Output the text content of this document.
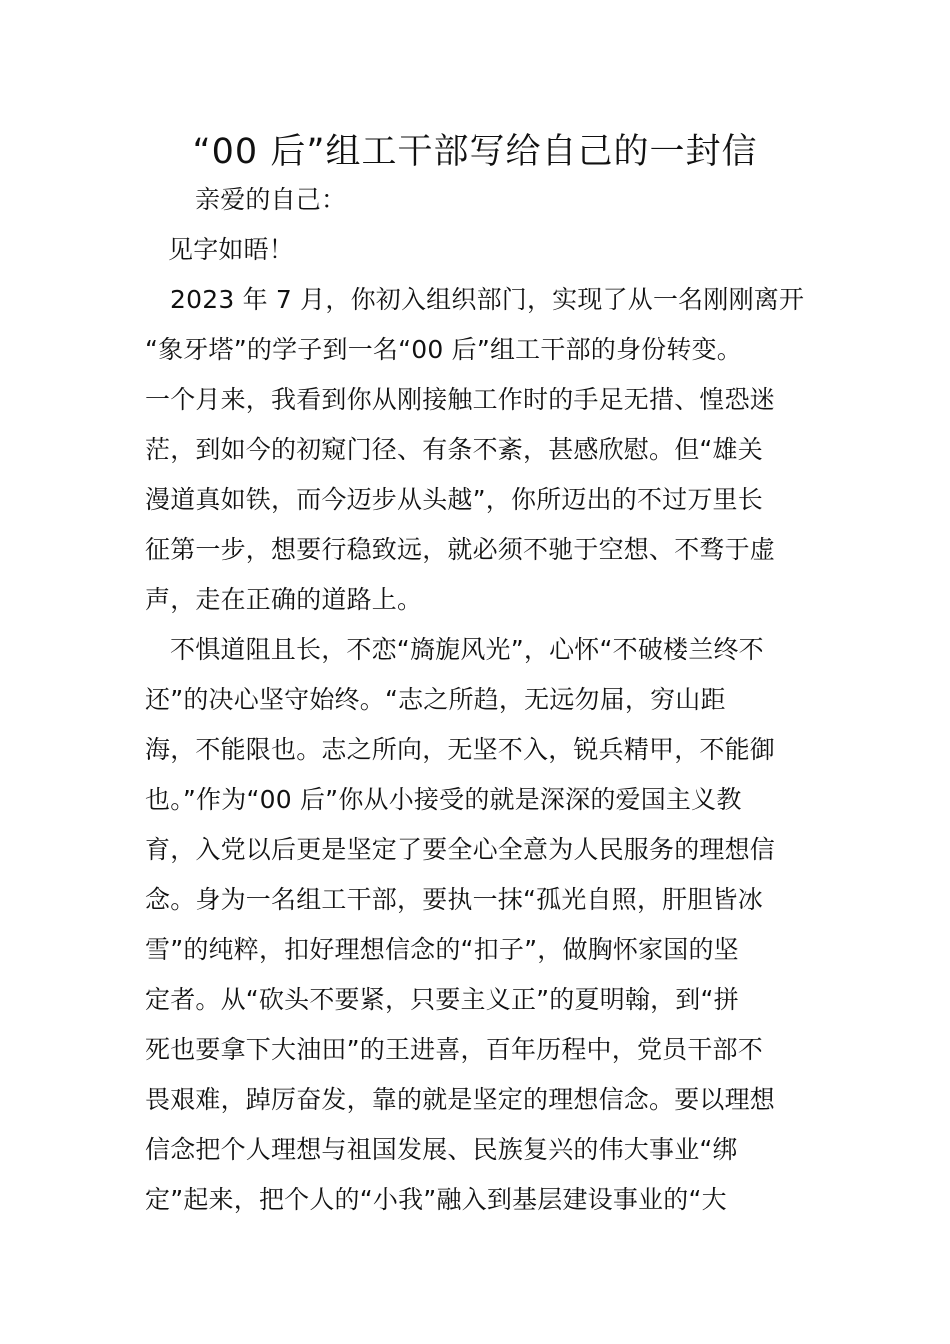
“00 后”组工干部写给自己的一封信
亲爱的自己：
见字如晤！
2023 年 7 月，你初入组织部门，实现了从一名刚刚离开
“象牙塔”的学子到一名“00 后”组工干部的身份转变。
一个月来，我看到你从刚接触工作时的手足无措、惶恐迷
茫，到如今的初窥门径、有条不紊，甚感欣慰。但“雄关
漫道真如铁，而今迈步从头越”，你所迈出的不过万里长
征第一步，想要行稳致远，就必须不驰于空想、不骛于虚
声，走在正确的道路上。
不惧道阻且长，不恋“旖旎风光”，心怀“不破楼兰终不
还”的决心坚守始终。“志之所趋，无远勿届，穷山距
海，不能限也。志之所向，无坚不入，锐兵精甲，不能御
也。”作为“00 后”你从小接受的就是深深的爱国主义教
育，入党以后更是坚定了要全心全意为人民服务的理想信
念。身为一名组工干部，要执一抹“孤光自照，肝胆皆冰
雪”的纯粹，扣好理想信念的“扣子”，做胸怀家国的坚
定者。从“砍头不要紧，只要主义正”的夏明翰，到“拼
死也要拿下大油田”的王进喜，百年历程中，党员干部不
畏艰难，踔厉奋发，靠的就是坚定的理想信念。要以理想
信念把个人理想与祖国发展、民族复兴的伟大事业“绑
定”起来，把个人的“小我”融入到基层建设事业的“大
